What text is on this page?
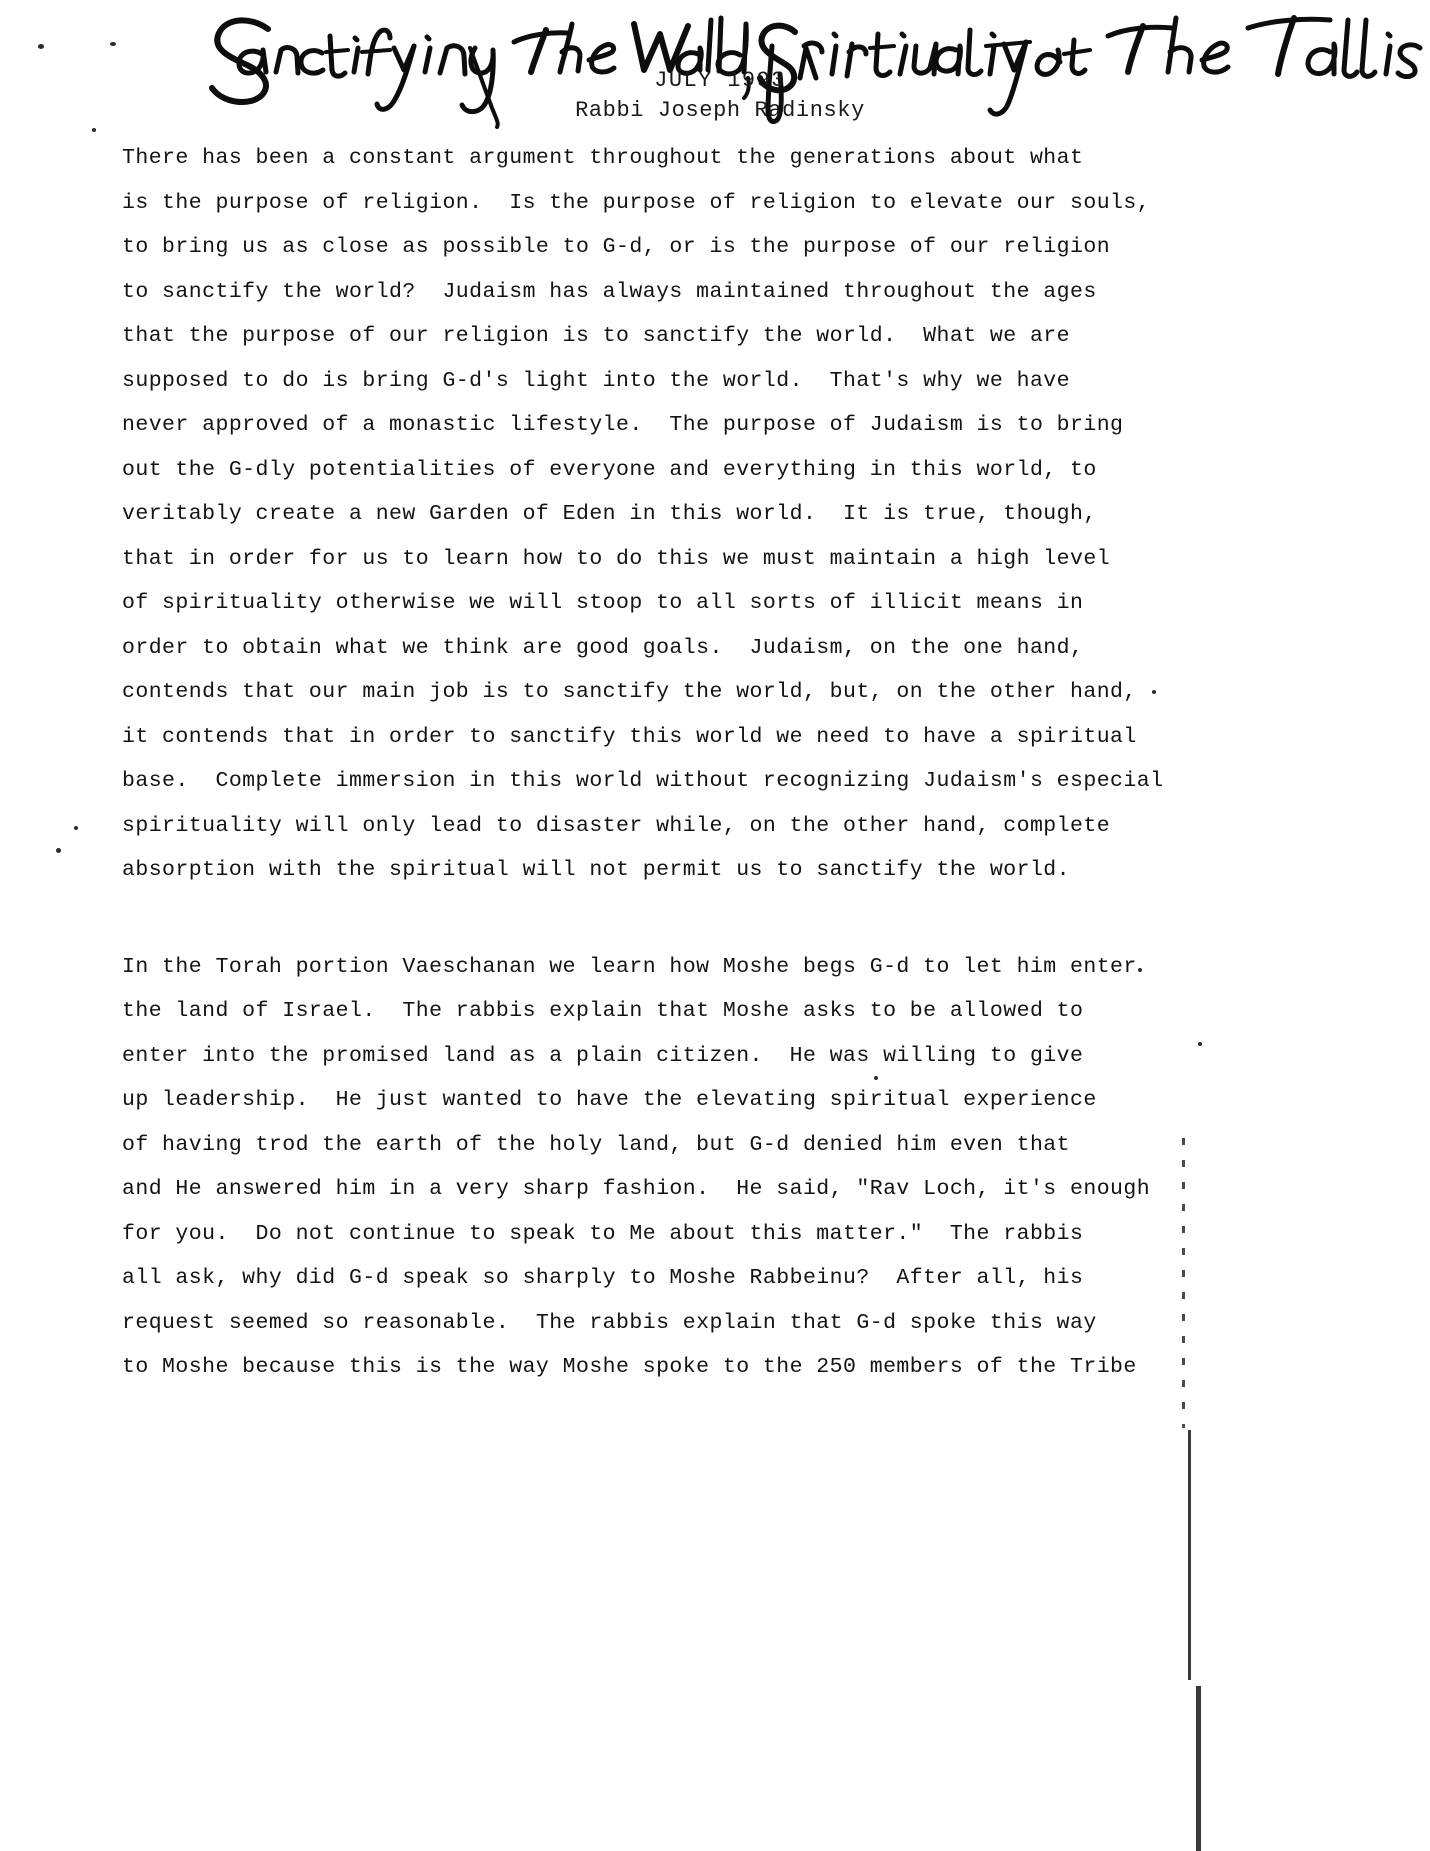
JULY 1993
Rabbi Joseph Radinsky
There has been a constant argument throughout the generations about what
is the purpose of religion.  Is the purpose of religion to elevate our souls,
to bring us as close as possible to G-d, or is the purpose of our religion
to sanctify the world?  Judaism has always maintained throughout the ages
that the purpose of our religion is to sanctify the world.  What we are
supposed to do is bring G-d's light into the world.  That's why we have
never approved of a monastic lifestyle.  The purpose of Judaism is to bring
out the G-dly potentialities of everyone and everything in this world, to
veritably create a new Garden of Eden in this world.  It is true, though,
that in order for us to learn how to do this we must maintain a high level
of spirituality otherwise we will stoop to all sorts of illicit means in
order to obtain what we think are good goals.  Judaism, on the one hand,
contends that our main job is to sanctify the world, but, on the other hand,
it contends that in order to sanctify this world we need to have a spiritual
base.  Complete immersion in this world without recognizing Judaism's especial
spirituality will only lead to disaster while, on the other hand, complete
absorption with the spiritual will not permit us to sanctify the world.
In the Torah portion Vaeschanan we learn how Moshe begs G-d to let him enter
the land of Israel.  The rabbis explain that Moshe asks to be allowed to
enter into the promised land as a plain citizen.  He was willing to give
up leadership.  He just wanted to have the elevating spiritual experience
of having trod the earth of the holy land, but G-d denied him even that
and He answered him in a very sharp fashion.  He said, "Rav Loch, it's enough
for you.  Do not continue to speak to Me about this matter."  The rabbis
all ask, why did G-d speak so sharply to Moshe Rabbeinu?  After all, his
request seemed so reasonable.  The rabbis explain that G-d spoke this way
to Moshe because this is the way Moshe spoke to the 250 members of the Tribe
